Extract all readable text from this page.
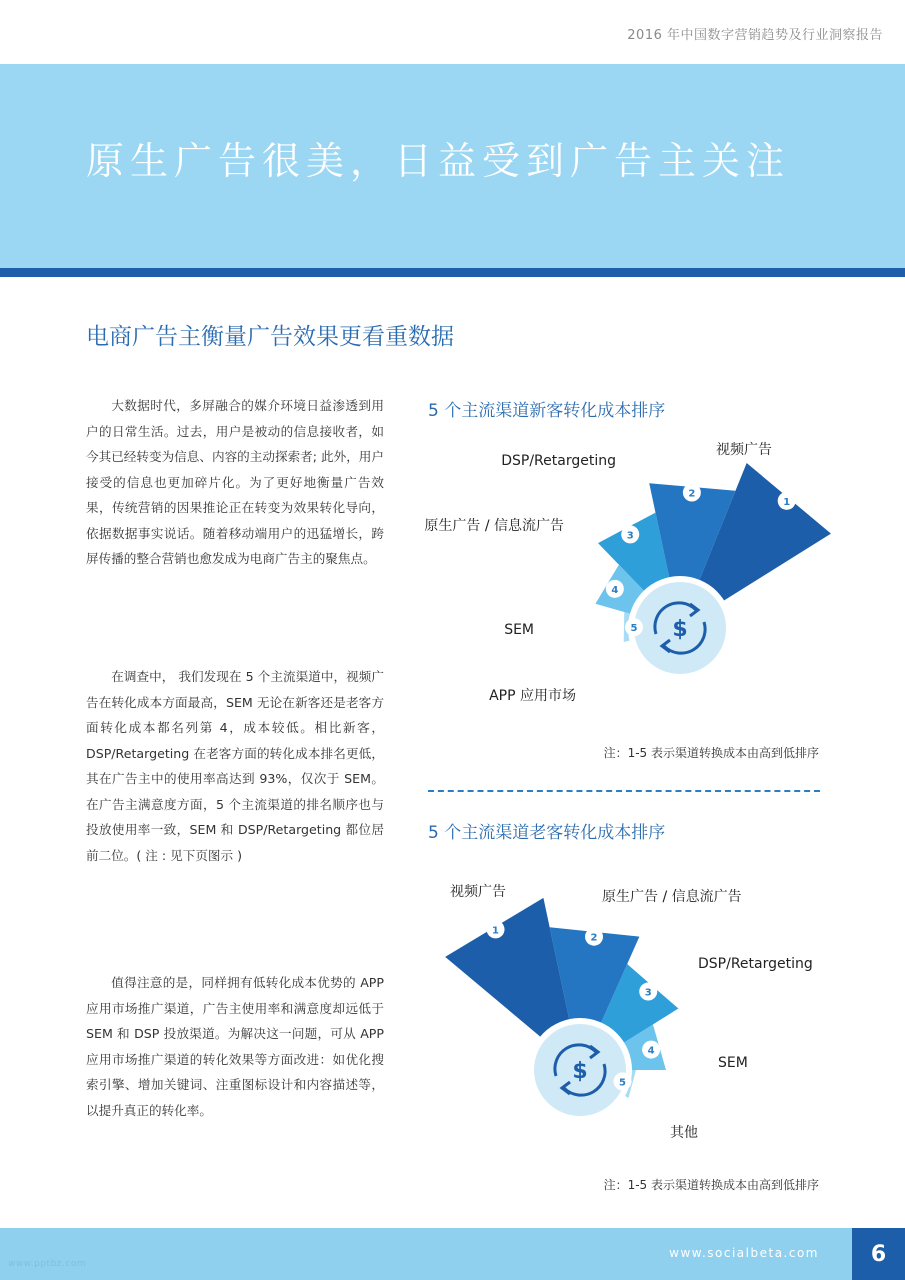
2016 年中国数字营销趋势及行业洞察报告
原生广告很美，日益受到广告主关注
电商广告主衡量广告效果更看重数据

大数据时代，多屏融合的媒介环境日益渗透到用户的日常生活。过去，用户是被动的信息接收者，如今其已经转变为信息、内容的主动探索者; 此外，用户接受的信息也更加碎片化。为了更好地衡量广告效果，传统营销的因果推论正在转变为效果转化导向，依据数据事实说话。随着移动端用户的迅猛增长，跨屏传播的整合营销也愈发成为电商广告主的聚焦点。

在调查中， 我们发现在 5 个主流渠道中，视频广告在转化成本方面最高，SEM 无论在新客还是老客方面转化成本都名列第 4，成本较低。相比新客，DSP/Retargeting 在老客方面的转化成本排名更低，其在广告主中的使用率高达到 93%，仅次于 SEM。在广告主满意度方面，5 个主流渠道的排名顺序也与投放使用率一致，SEM 和 DSP/Retargeting 都位居前二位。( 注 : 见下页图示 )

值得注意的是，同样拥有低转化成本优势的 APP 应用市场推广渠道，广告主使用率和满意度却远低于 SEM 和 DSP 投放渠道。为解决这一问题，可从 APP 应用市场推广渠道的转化效果等方面改进：如优化搜索引擎、增加关键词、注重图标设计和内容描述等，以提升真正的转化率。

5 个主流渠道新客转化成本排序
$
1
视频广告
2
DSP/Retargeting
3
原生广告 / 信息流广告
4
SEM	5
APP 应用市场
注：1-5 表示渠道转换成本由高到低排序
5 个主流渠道老客转化成本排序
$
1
视频广告
2
原生广告 / 信息流广告
3
DSP/Retargeting
4
SEM
5
其他
注：1-5 表示渠道转换成本由高到低排序
www.socialbeta.com	6
www.pptbz.com
